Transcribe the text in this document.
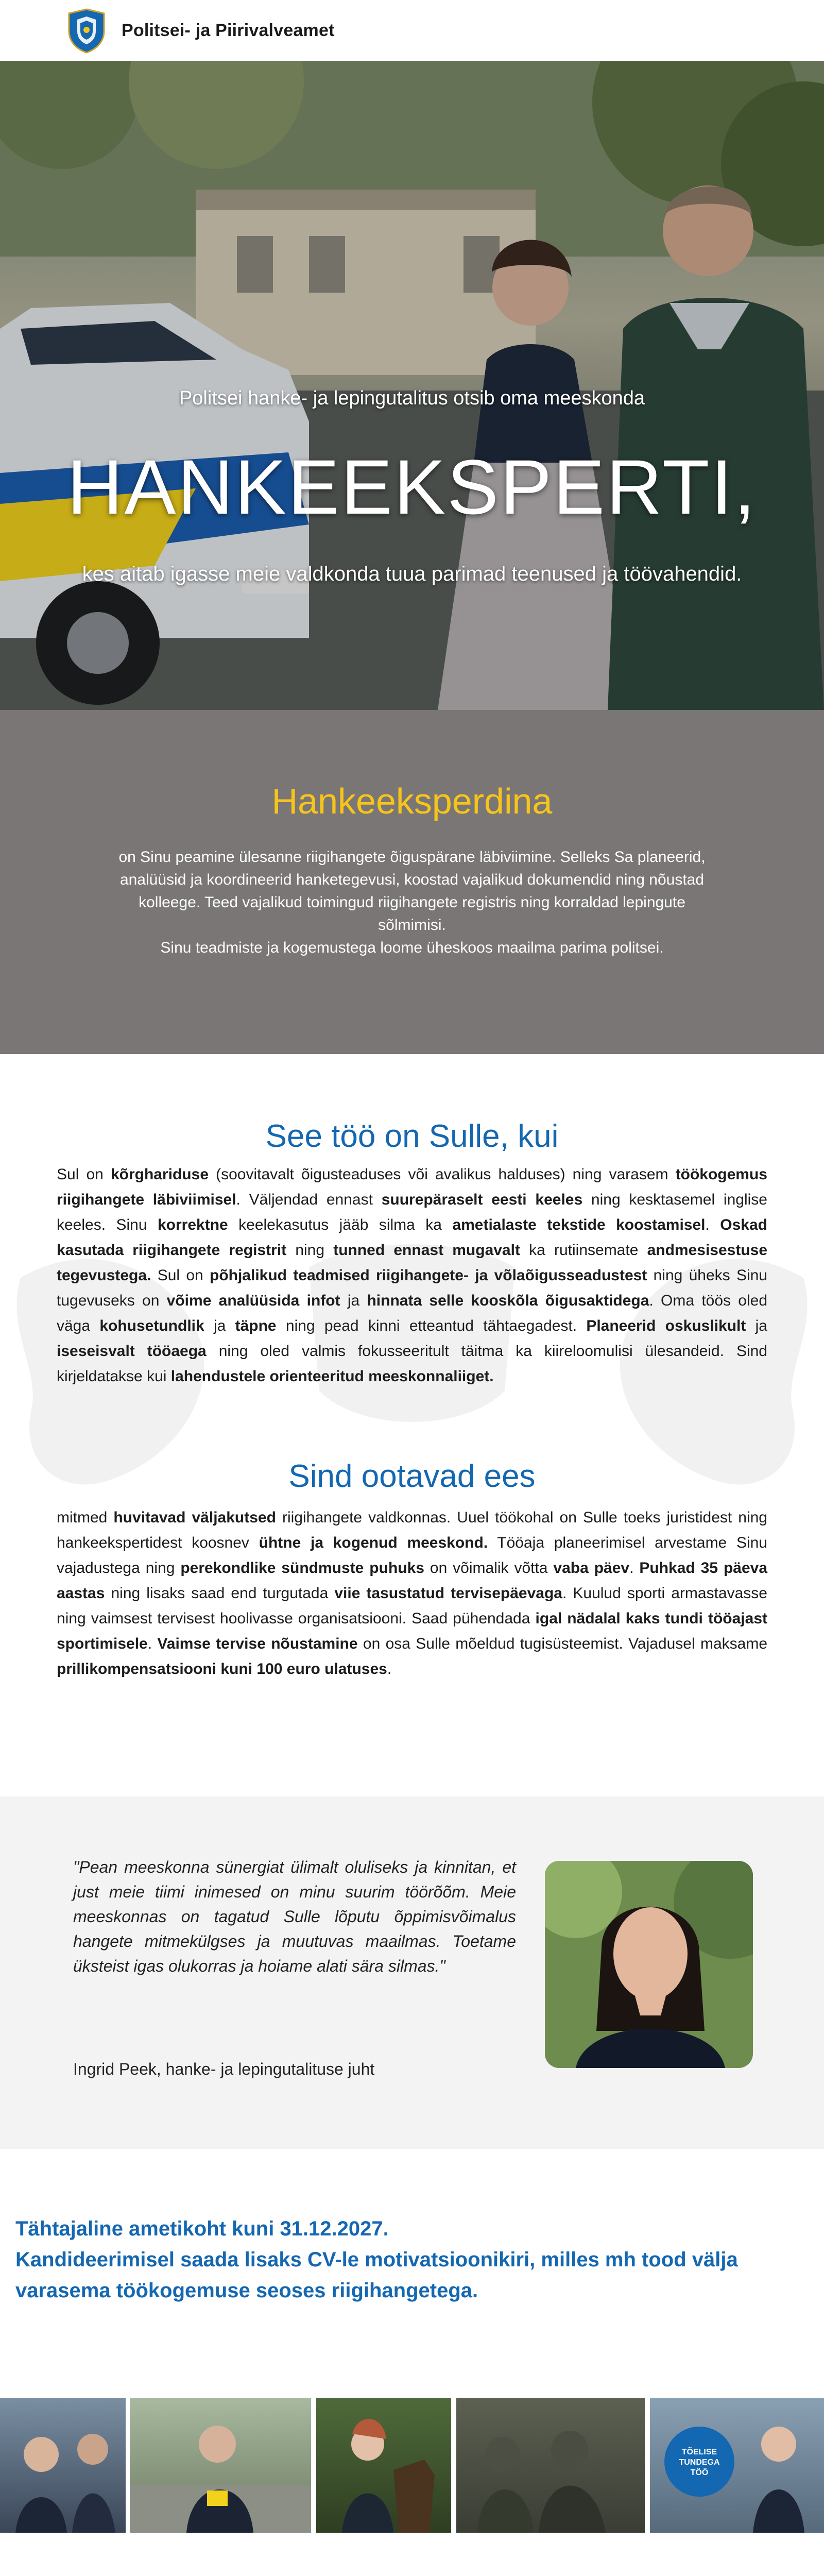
Politsei- ja Piirivalveamet
Politsei hanke- ja lepingutalitus otsib oma meeskonda
HANKEEKSPERTI,
kes aitab igasse meie valdkonda tuua parimad teenused ja töövahendid.
Hankeeksperdina
on Sinu peamine ülesanne riigihangete õiguspärane läbiviimine. Selleks Sa planeerid, analüüsid ja koordineerid hanketegevusi, koostad vajalikud dokumendid ning nõustad kolleege. Teed vajalikud toimingud riigihangete registris ning korraldad lepingute sõlmimisi.
Sinu teadmiste ja kogemustega loome üheskoos maailma parima politsei.
See töö on Sulle, kui

Sul on kõrghariduse (soovitavalt õigusteaduses või avalikus halduses) ning varasem töökogemus riigihangete läbiviimisel. Väljendad ennast suurepäraselt eesti keeles ning kesktasemel inglise keeles. Sinu korrektne keelekasutus jääb silma ka ametialaste tekstide koostamisel. Oskad kasutada riigihangete registrit ning tunned ennast mugavalt ka rutiinsemate andmesisestuse tegevustega. Sul on põhjalikud teadmised riigihangete- ja võlaõigusseadustest ning üheks Sinu tugevuseks on võime analüüsida infot ja hinnata selle kooskõla õigusaktidega. Oma töös oled väga kohusetundlik ja täpne ning pead kinni etteantud tähtaegadest. Planeerid oskuslikult ja iseseisvalt tööaega ning oled valmis fokusseeritult täitma ka kiireloomulisi ülesandeid. Sind kirjeldatakse kui lahendustele orienteeritud meeskonnaliiget.

Sind ootavad ees

mitmed huvitavad väljakutsed riigihangete valdkonnas. Uuel töökohal on Sulle toeks juristidest ning hankeekspertidest koosnev ühtne ja kogenud meeskond. Tööaja planeerimisel arvestame Sinu vajadustega ning perekondlike sündmuste puhuks on võimalik võtta vaba päev. Puhkad 35 päeva aastas ning lisaks saad end turgutada viie tasustatud tervisepäevaga. Kuulud sporti armastavasse ning vaimsest tervisest hoolivasse organisatsiooni. Saad pühendada igal nädalal kaks tundi tööajast sportimisele. Vaimse tervise nõustamine on osa Sulle mõeldud tugisüsteemist. Vajadusel maksame prillikompensatsiooni kuni 100 euro ulatuses.

"Pean meeskonna sünergiat ülimalt oluliseks ja kinnitan, et just meie tiimi inimesed on minu suurim töörõõm. Meie meeskonnas on tagatud Sulle lõputu õppimisvõimalus hangete mitmekülgses ja muutuvas maailmas. Toetame üksteist igas olukorras ja hoiame alati sära silmas."
Ingrid Peek, hanke- ja lepingutalituse juht
Tähtajaline ametikoht kuni 31.12.2027.
Kandideerimisel saada lisaks CV-le motivatsioonikiri, milles mh tood välja varasema töökogemuse seoses riigihangetega.
TÕELISE
TUNDEGA
TÖÖ
